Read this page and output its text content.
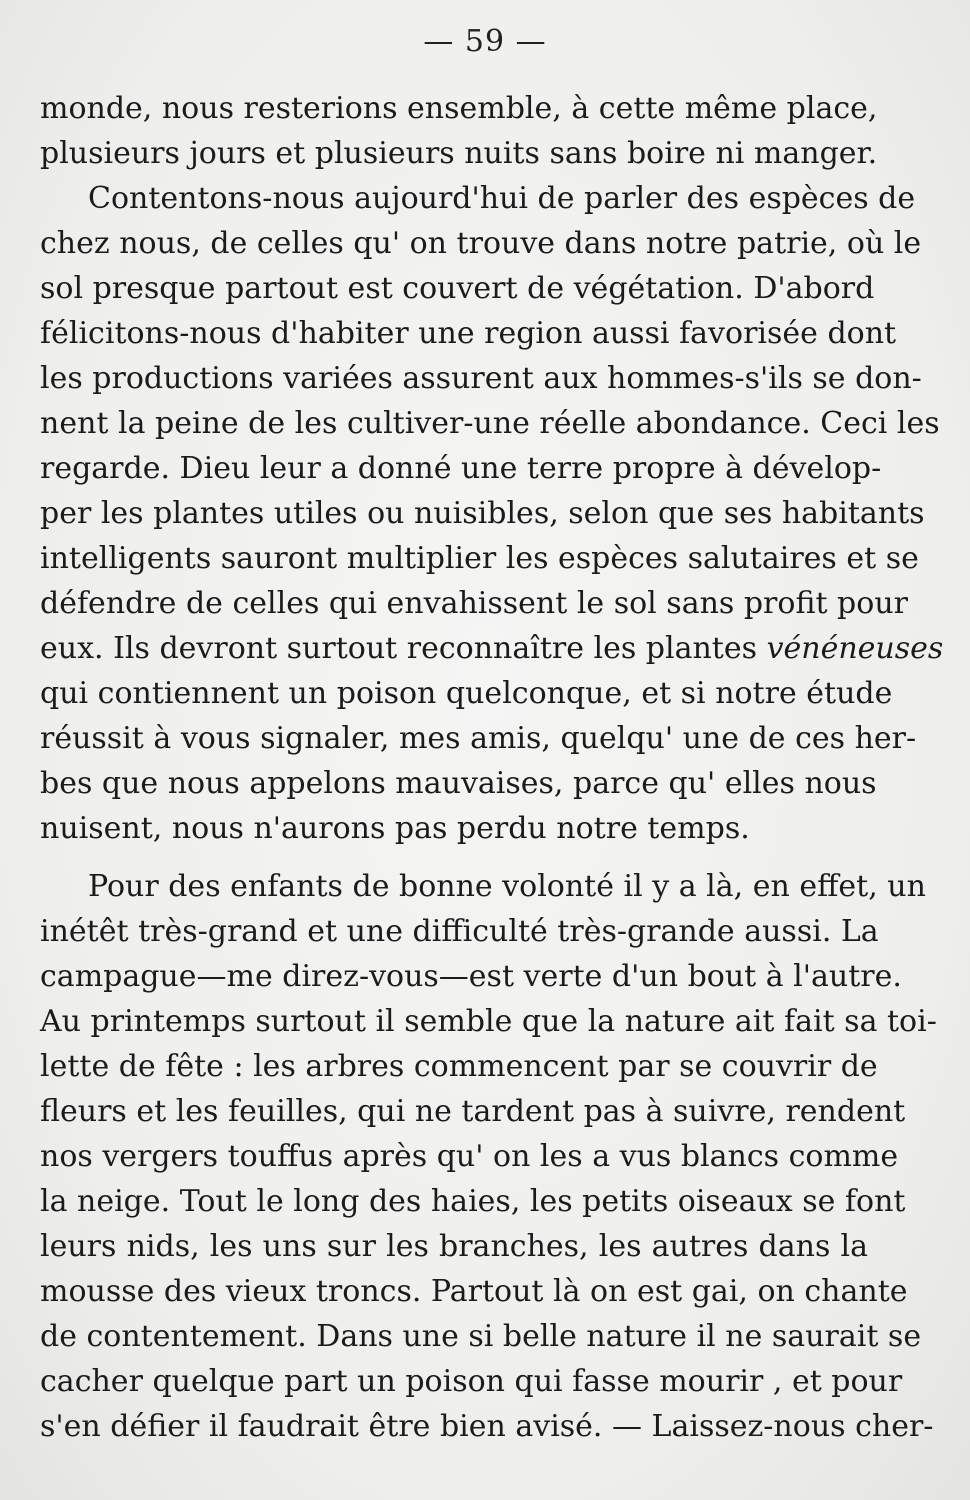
— 59 —
monde, nous resterions ensemble, à cette même place,
plusieurs jours et plusieurs nuits sans boire ni manger.
Contentons-nous aujourd'hui de parler des espèces de
chez nous, de celles qu' on trouve dans notre patrie, où le
sol presque partout est couvert de végétation. D'abord
félicitons-nous d'habiter une region aussi favorisée dont
les productions variées assurent aux hommes-s'ils se don-
nent la peine de les cultiver-une réelle abondance. Ceci les
regarde. Dieu leur a donné une terre propre à dévelop-
per les plantes utiles ou nuisibles, selon que ses habitants
intelligents sauront multiplier les espèces salutaires et se
défendre de celles qui envahissent le sol sans profit pour
eux. Ils devront surtout reconnaître les plantes vénéneuses
qui contiennent un poison quelconque, et si notre étude
réussit à vous signaler, mes amis, quelqu' une de ces her-
bes que nous appelons mauvaises, parce qu' elles nous
nuisent, nous n'aurons pas perdu notre temps.
Pour des enfants de bonne volonté il y a là, en effet, un
inétêt très-grand et une difficulté très-grande aussi. La
campague—me direz-vous—est verte d'un bout à l'autre.
Au printemps surtout il semble que la nature ait fait sa toi-
lette de fête : les arbres commencent par se couvrir de
fleurs et les feuilles, qui ne tardent pas à suivre, rendent
nos vergers touffus après qu' on les a vus blancs comme
la neige. Tout le long des haies, les petits oiseaux se font
leurs nids, les uns sur les branches, les autres dans la
mousse des vieux troncs. Partout là on est gai, on chante
de contentement. Dans une si belle nature il ne saurait se
cacher quelque part un poison qui fasse mourir , et pour
s'en défier il faudrait être bien avisé. — Laissez-nous cher-
